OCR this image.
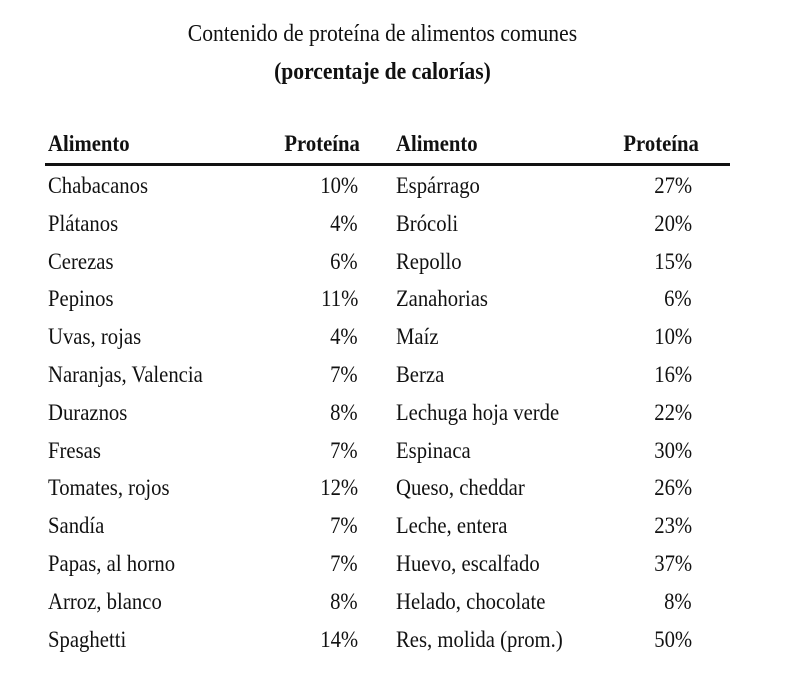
Contenido de proteína de alimentos comunes
(porcentaje de calorías)
Alimento	Proteína Alimento	Proteína
Chabacanos	10% Espárrago	27%
Plátanos	4% Brócoli	20%
Cerezas	6% Repollo	15%
Pepinos	11% Zanahorias	6%
Uvas, rojas	4% Maíz	10%
Naranjas, Valencia	7% Berza	16%
Duraznos	8% Lechuga hoja verde	22%
Fresas	7% Espinaca	30%
Tomates, rojos	12% Queso, cheddar	26%
Sandía	7% Leche, entera	23%
Papas, al horno	7% Huevo, escalfado	37%
Arroz, blanco	8% Helado, chocolate	8%
Spaghetti	14% Res, molida (prom.)	50%
